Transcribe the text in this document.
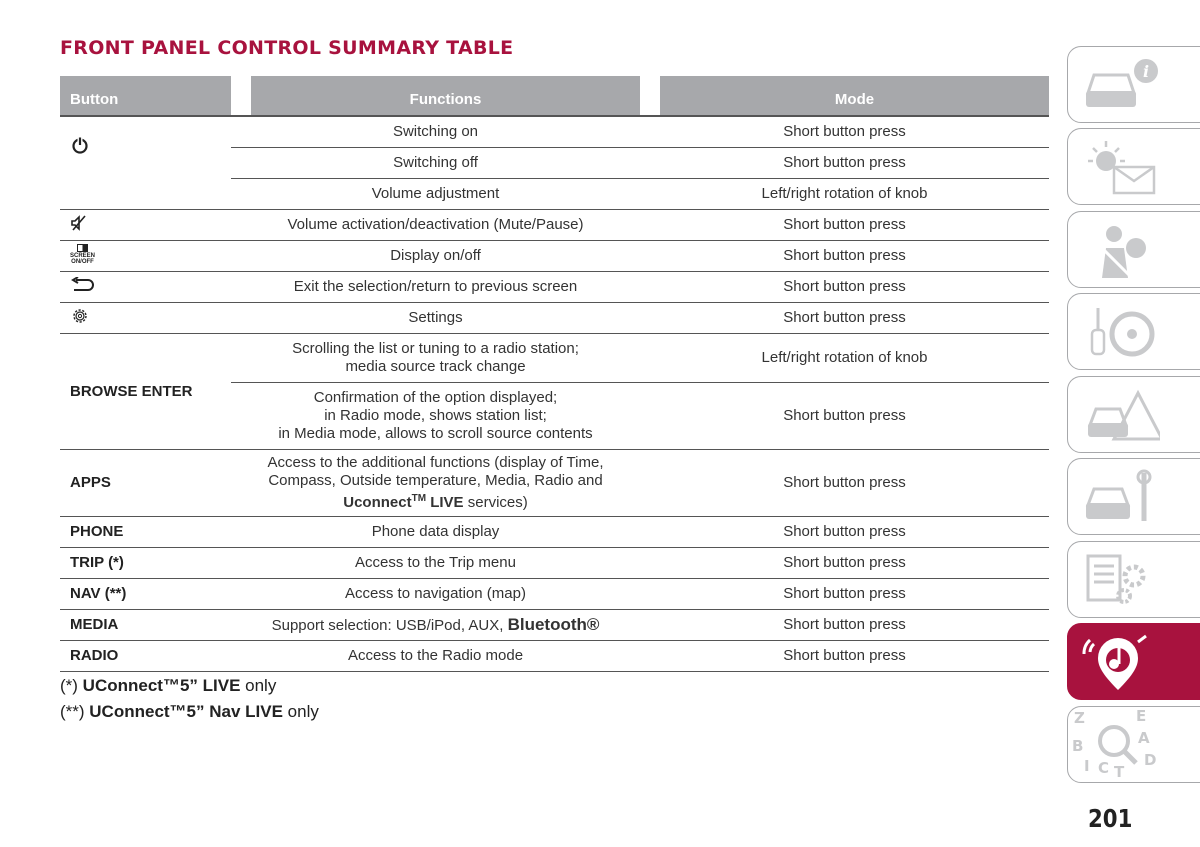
FRONT PANEL CONTROL SUMMARY TABLE
Button		Functions		Mode
	Switching on		Short button press	
	Switching off		Short button press	
	Volume adjustment		Left/right rotation of knob	
	Volume activation/deactivation (Mute/Pause)		Short button press	

SCREEN
ON/OFF	Display on/off		Short button press	
	Exit the selection/return to previous screen		Short button press	
	Settings		Short button press	
BROWSE ENTER	Scrolling the list or tuning to a radio station;
media source track change		Left/right rotation of knob	

	Confirmation of the option displayed;
in Radio mode, shows station list;
in Media mode, allows to scroll source contents		Short button press	
APPS	Access to the additional functions (display of Time,
Compass, Outside temperature, Media, Radio and
Uconnect™ LIVE services)		Short button press	
PHONE	Phone data display		Short button press	
TRIP (*)	Access to the Trip menu		Short button press	
NAV (**)	Access to navigation (map)		Short button press	
MEDIA	Support selection: USB/iPod, AUX, Bluetooth®		Short button press	
RADIO	Access to the Radio mode		Short button press	
(*) UConnect™5” LIVE only
(**) UConnect™5” Nav LIVE only
i
Z	E
B	A
I C T
D
201
